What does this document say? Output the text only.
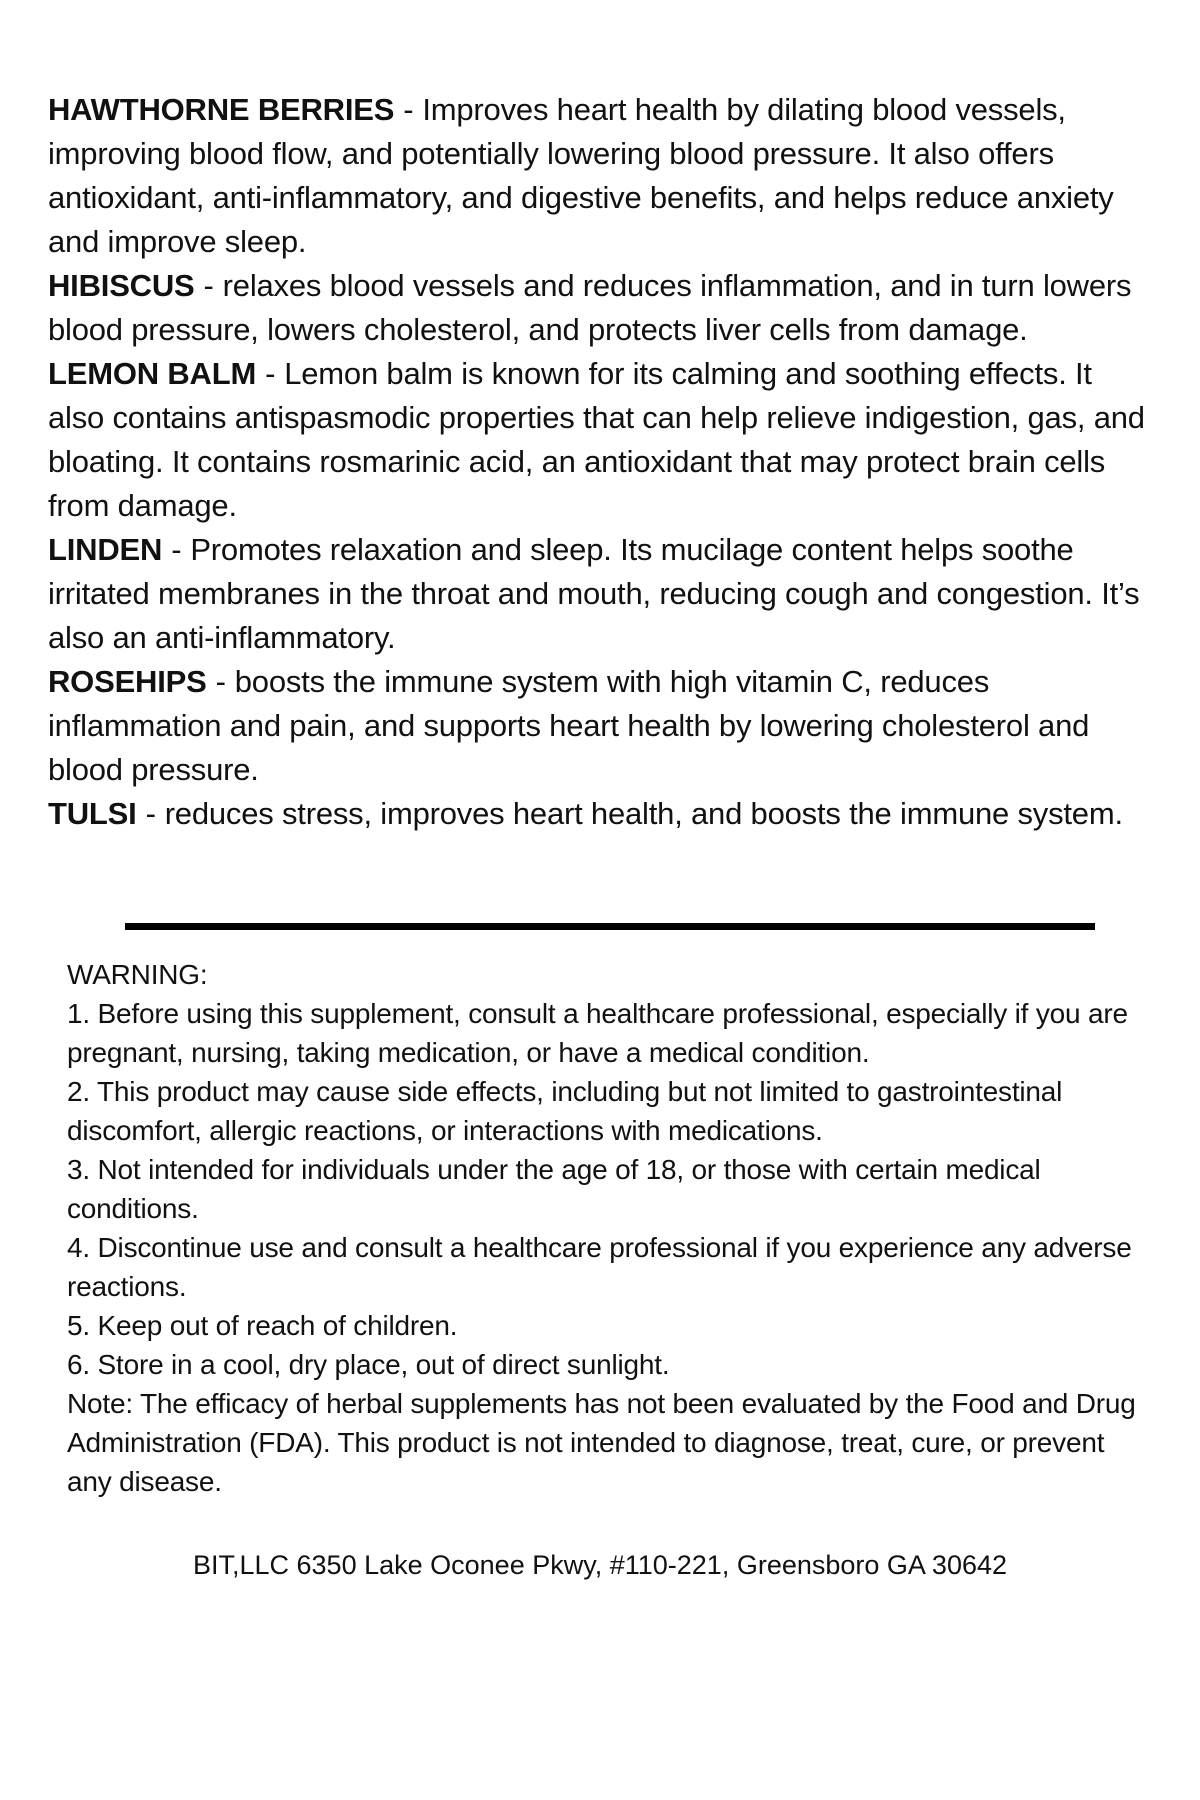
HAWTHORNE BERRIES - Improves heart health by dilating blood vessels, improving blood flow, and potentially lowering blood pressure. It also offers antioxidant, anti-inflammatory, and digestive benefits, and helps reduce anxiety and improve sleep.

HIBISCUS - relaxes blood vessels and reduces inflammation, and in turn lowers blood pressure, lowers cholesterol, and protects liver cells from damage.

LEMON BALM - Lemon balm is known for its calming and soothing effects. It also contains antispasmodic properties that can help relieve indigestion, gas, and bloating. It contains rosmarinic acid, an antioxidant that may protect brain cells from damage.

LINDEN - Promotes relaxation and sleep. Its mucilage content helps soothe irritated membranes in the throat and mouth, reducing cough and congestion. It’s also an anti-inflammatory.

ROSEHIPS - boosts the immune system with high vitamin C, reduces inflammation and pain, and supports heart health by lowering cholesterol and blood pressure.

TULSI - reduces stress, improves heart health, and boosts the immune system.

WARNING:

1. Before using this supplement, consult a healthcare professional, especially if you are pregnant, nursing, taking medication, or have a medical condition.

2. This product may cause side effects, including but not limited to gastrointestinal discomfort, allergic reactions, or interactions with medications.

3. Not intended for individuals under the age of 18, or those with certain medical conditions.

4. Discontinue use and consult a healthcare professional if you experience any adverse reactions.

5. Keep out of reach of children.

6. Store in a cool, dry place, out of direct sunlight.

Note: The efficacy of herbal supplements has not been evaluated by the Food and Drug Administration (FDA). This product is not intended to diagnose, treat, cure, or prevent any disease.

BIT,LLC 6350 Lake Oconee Pkwy, #110-221, Greensboro GA 30642
